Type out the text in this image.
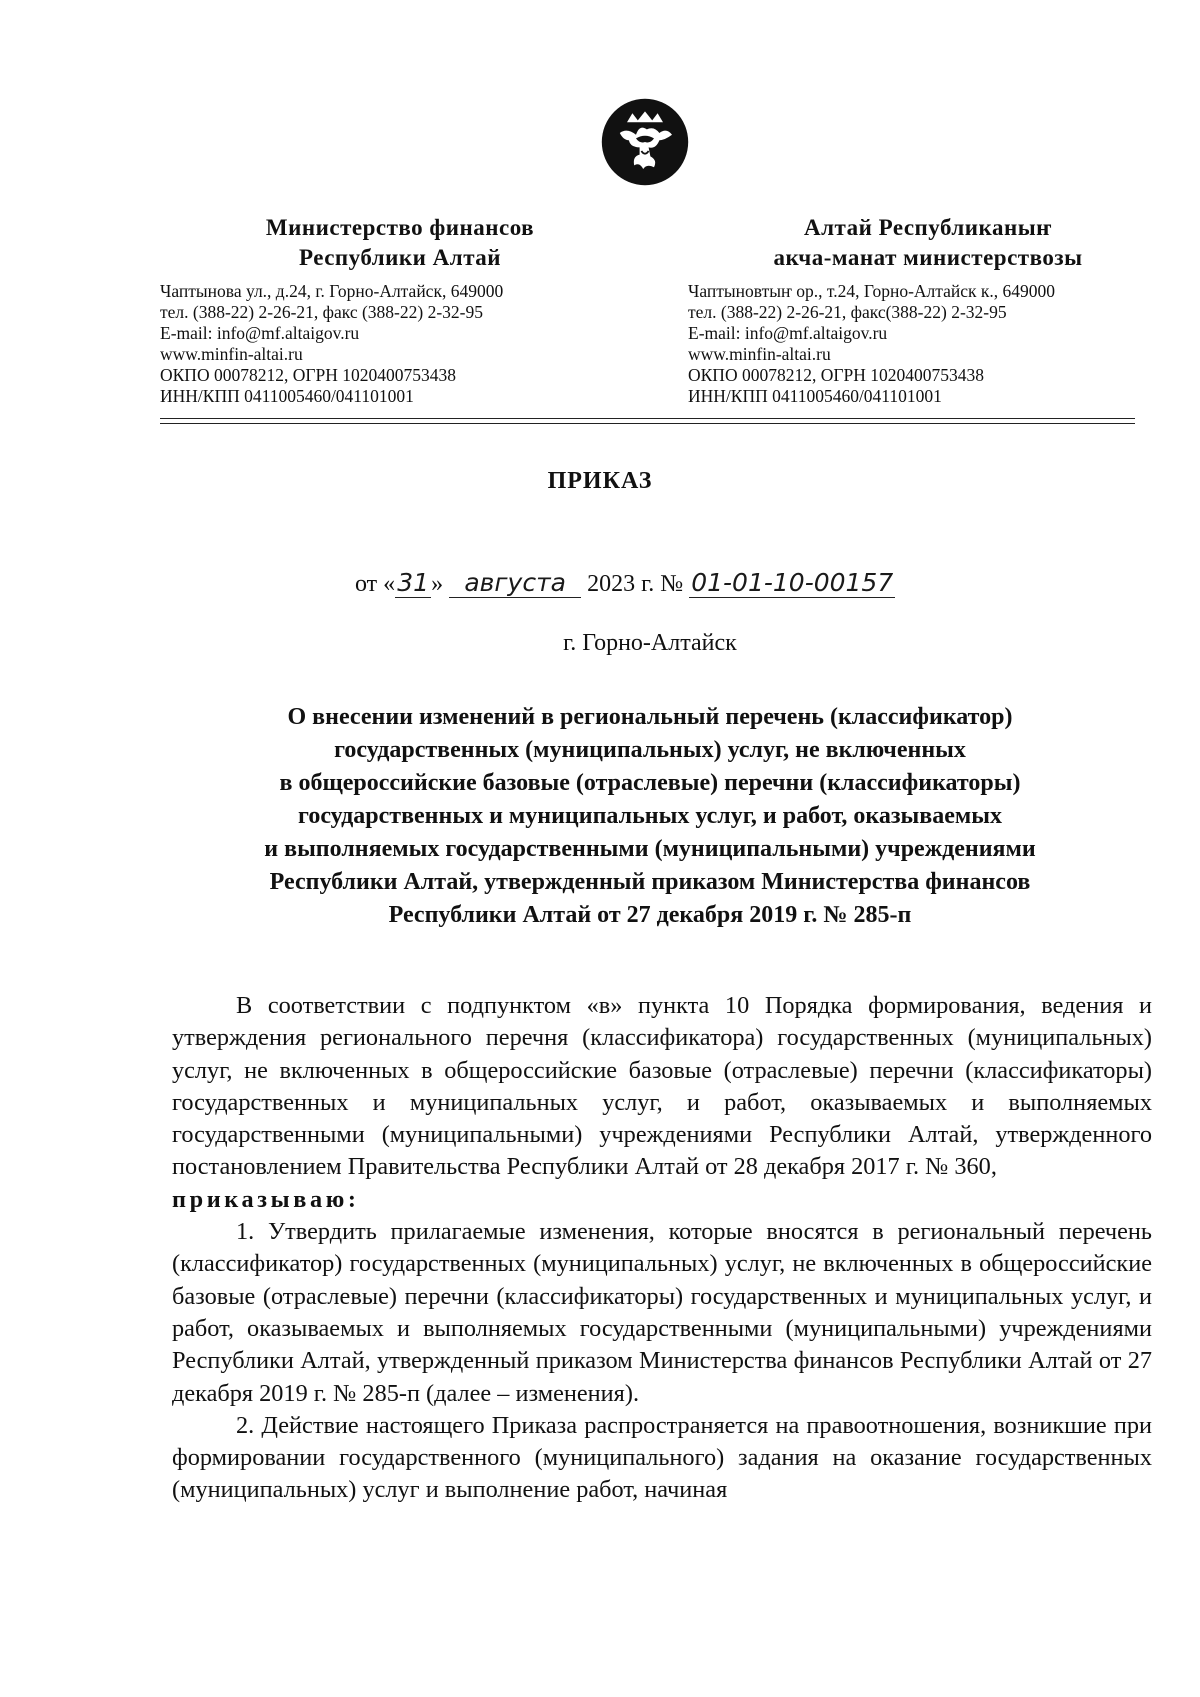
Министерство финансов
Республики Алтай
Чаптынова ул., д.24, г. Горно-Алтайск, 649000
тел. (388-22) 2-26-21, факс (388-22) 2-32-95
E-mail: info@mf.altaigov.ru
www.minfin-altai.ru
ОКПО 00078212, ОГРН 1020400753438
ИНН/КПП 0411005460/041101001
Алтай Республиканыҥ
акча-манат министерствозы
Чаптыновтыҥ ор., т.24, Горно-Алтайск к., 649000
тел. (388-22) 2-26-21, факс(388-22) 2-32-95
E-mail: info@mf.altaigov.ru
www.minfin-altai.ru
ОКПО 00078212, ОГРН 1020400753438
ИНН/КПП 0411005460/041101001
ПРИКАЗ
от «31» августа 2023 г. № 01-01-10-00157
г. Горно-Алтайск
О внесении изменений в региональный перечень (классификатор)
государственных (муниципальных) услуг, не включенных
в общероссийские базовые (отраслевые) перечни (классификаторы)
государственных и муниципальных услуг, и работ, оказываемых
и выполняемых государственными (муниципальными) учреждениями
Республики Алтай, утвержденный приказом Министерства финансов
Республики Алтай от 27 декабря 2019 г. № 285-п

В соответствии с подпунктом «в» пункта 10 Порядка формирования, ведения и утверждения регионального перечня (классификатора) государственных (муниципальных) услуг, не включенных в общероссийские базовые (отраслевые) перечни (классификаторы) государственных и муниципальных услуг, и работ, оказываемых и выполняемых государственными (муниципальными) учреждениями Республики Алтай, утвержденного постановлением Правительства Республики Алтай от 28 декабря 2017 г. № 360,

приказываю:

1. Утвердить прилагаемые изменения, которые вносятся в региональный перечень (классификатор) государственных (муниципальных) услуг, не включенных в общероссийские базовые (отраслевые) перечни (классификаторы) государственных и муниципальных услуг, и работ, оказываемых и выполняемых государственными (муниципальными) учреждениями Республики Алтай, утвержденный приказом Министерства финансов Республики Алтай от 27 декабря 2019 г. № 285-п (далее – изменения).

2. Действие настоящего Приказа распространяется на правоотношения, возникшие при формировании государственного (муниципального) задания на оказание государственных (муниципальных) услуг и выполнение работ, начиная
